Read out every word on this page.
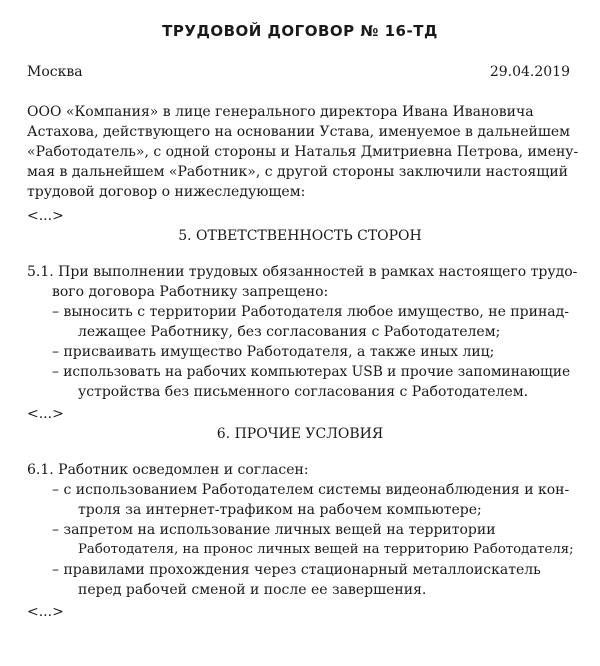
ТРУДОВОЙ ДОГОВОР № 16-ТД
Москва	29.04.2019
ООО «Компания» в лице генерального директора Ивана Ивановича
Астахова, действующего на основании Устава, именуемое в дальнейшем
«Работодатель», с одной стороны и Наталья Дмитриевна Петрова, имену-
мая в дальнейшем «Работник», с другой стороны заключили настоящий
трудовой договор о нижеследующем:
<...>
5. ОТВЕТСТВЕННОСТЬ СТОРОН
5.1. При выполнении трудовых обязанностей в рамках настоящего трудо-
вого договора Работнику запрещено:
– выносить с территории Работодателя любое имущество, не принад-
лежащее Работнику, без согласования с Работодателем;
– присваивать имущество Работодателя, а также иных лиц;
– использовать на рабочих компьютерах USB и прочие запоминающие
устройства без письменного согласования с Работодателем.
<...>
6. ПРОЧИЕ УСЛОВИЯ
6.1. Работник осведомлен и согласен:
– с использованием Работодателем системы видеонаблюдения и кон-
троля за интернет-трафиком на рабочем компьютере;
– запретом на использование личных вещей на территории
Работодателя, на пронос личных вещей на территорию Работодателя;
– правилами прохождения через стационарный металлоискатель
перед рабочей сменой и после ее завершения.
<...>
